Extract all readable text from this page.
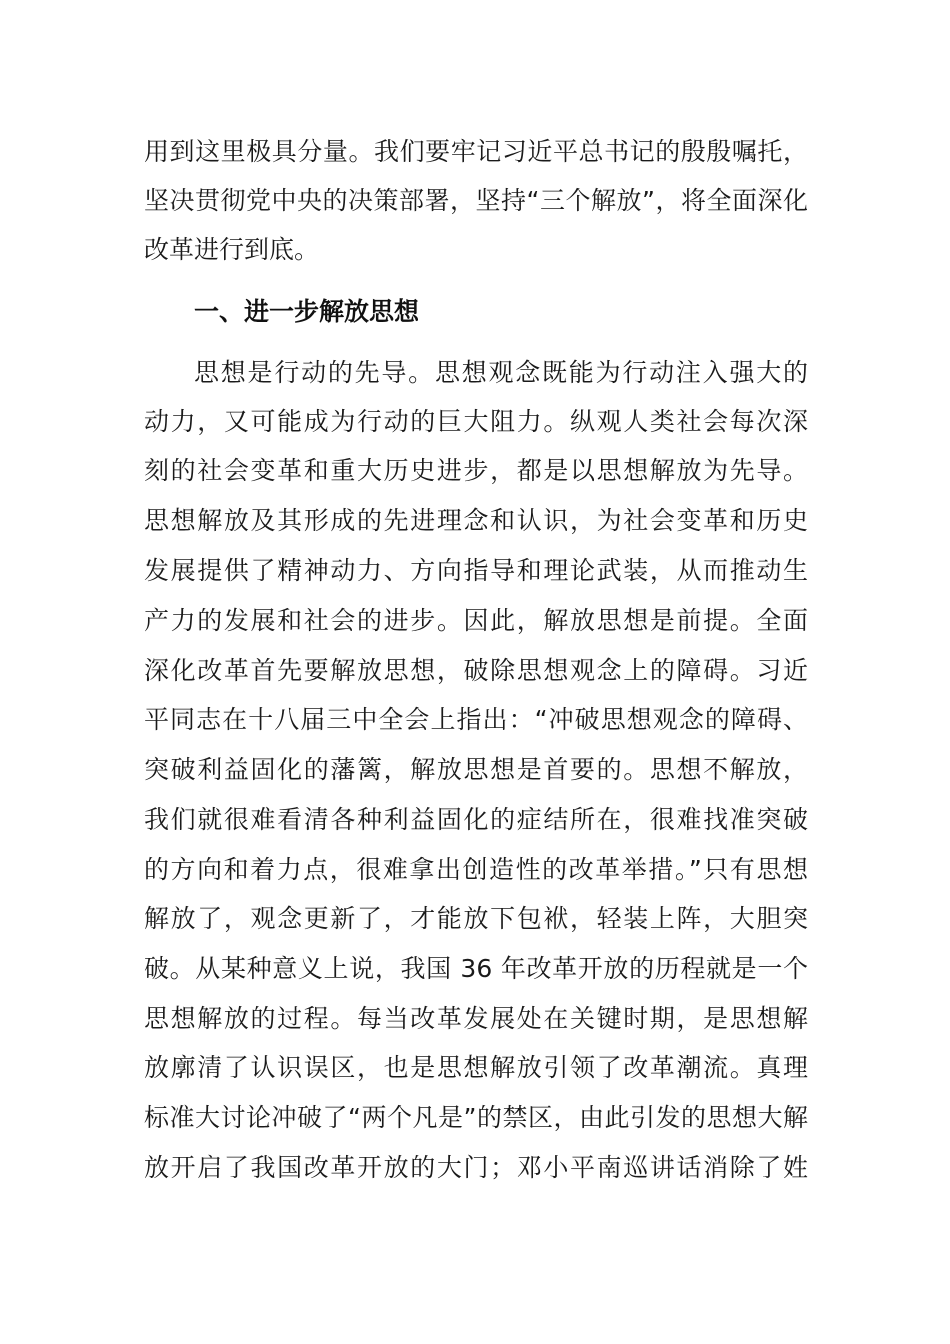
用到这里极具分量。我们要牢记习近平总书记的殷殷嘱托，
坚决贯彻党中央的决策部署，坚持“三个解放”，将全面深化
改革进行到底。
一、进一步解放思想
思想是行动的先导。思想观念既能为行动注入强大的
动力，又可能成为行动的巨大阻力。纵观人类社会每次深
刻的社会变革和重大历史进步，都是以思想解放为先导。
思想解放及其形成的先进理念和认识，为社会变革和历史
发展提供了精神动力、方向指导和理论武装，从而推动生
产力的发展和社会的进步。因此，解放思想是前提。全面
深化改革首先要解放思想，破除思想观念上的障碍。习近
平同志在十八届三中全会上指出：“冲破思想观念的障碍、
突破利益固化的藩篱，解放思想是首要的。思想不解放，
我们就很难看清各种利益固化的症结所在，很难找准突破
的方向和着力点，很难拿出创造性的改革举措。”只有思想
解放了，观念更新了，才能放下包袱，轻装上阵，大胆突
破。从某种意义上说，我国 36 年改革开放的历程就是一个
思想解放的过程。每当改革发展处在关键时期，是思想解
放廓清了认识误区，也是思想解放引领了改革潮流。真理
标准大讨论冲破了“两个凡是”的禁区，由此引发的思想大解
放开启了我国改革开放的大门；邓小平南巡讲话消除了姓
